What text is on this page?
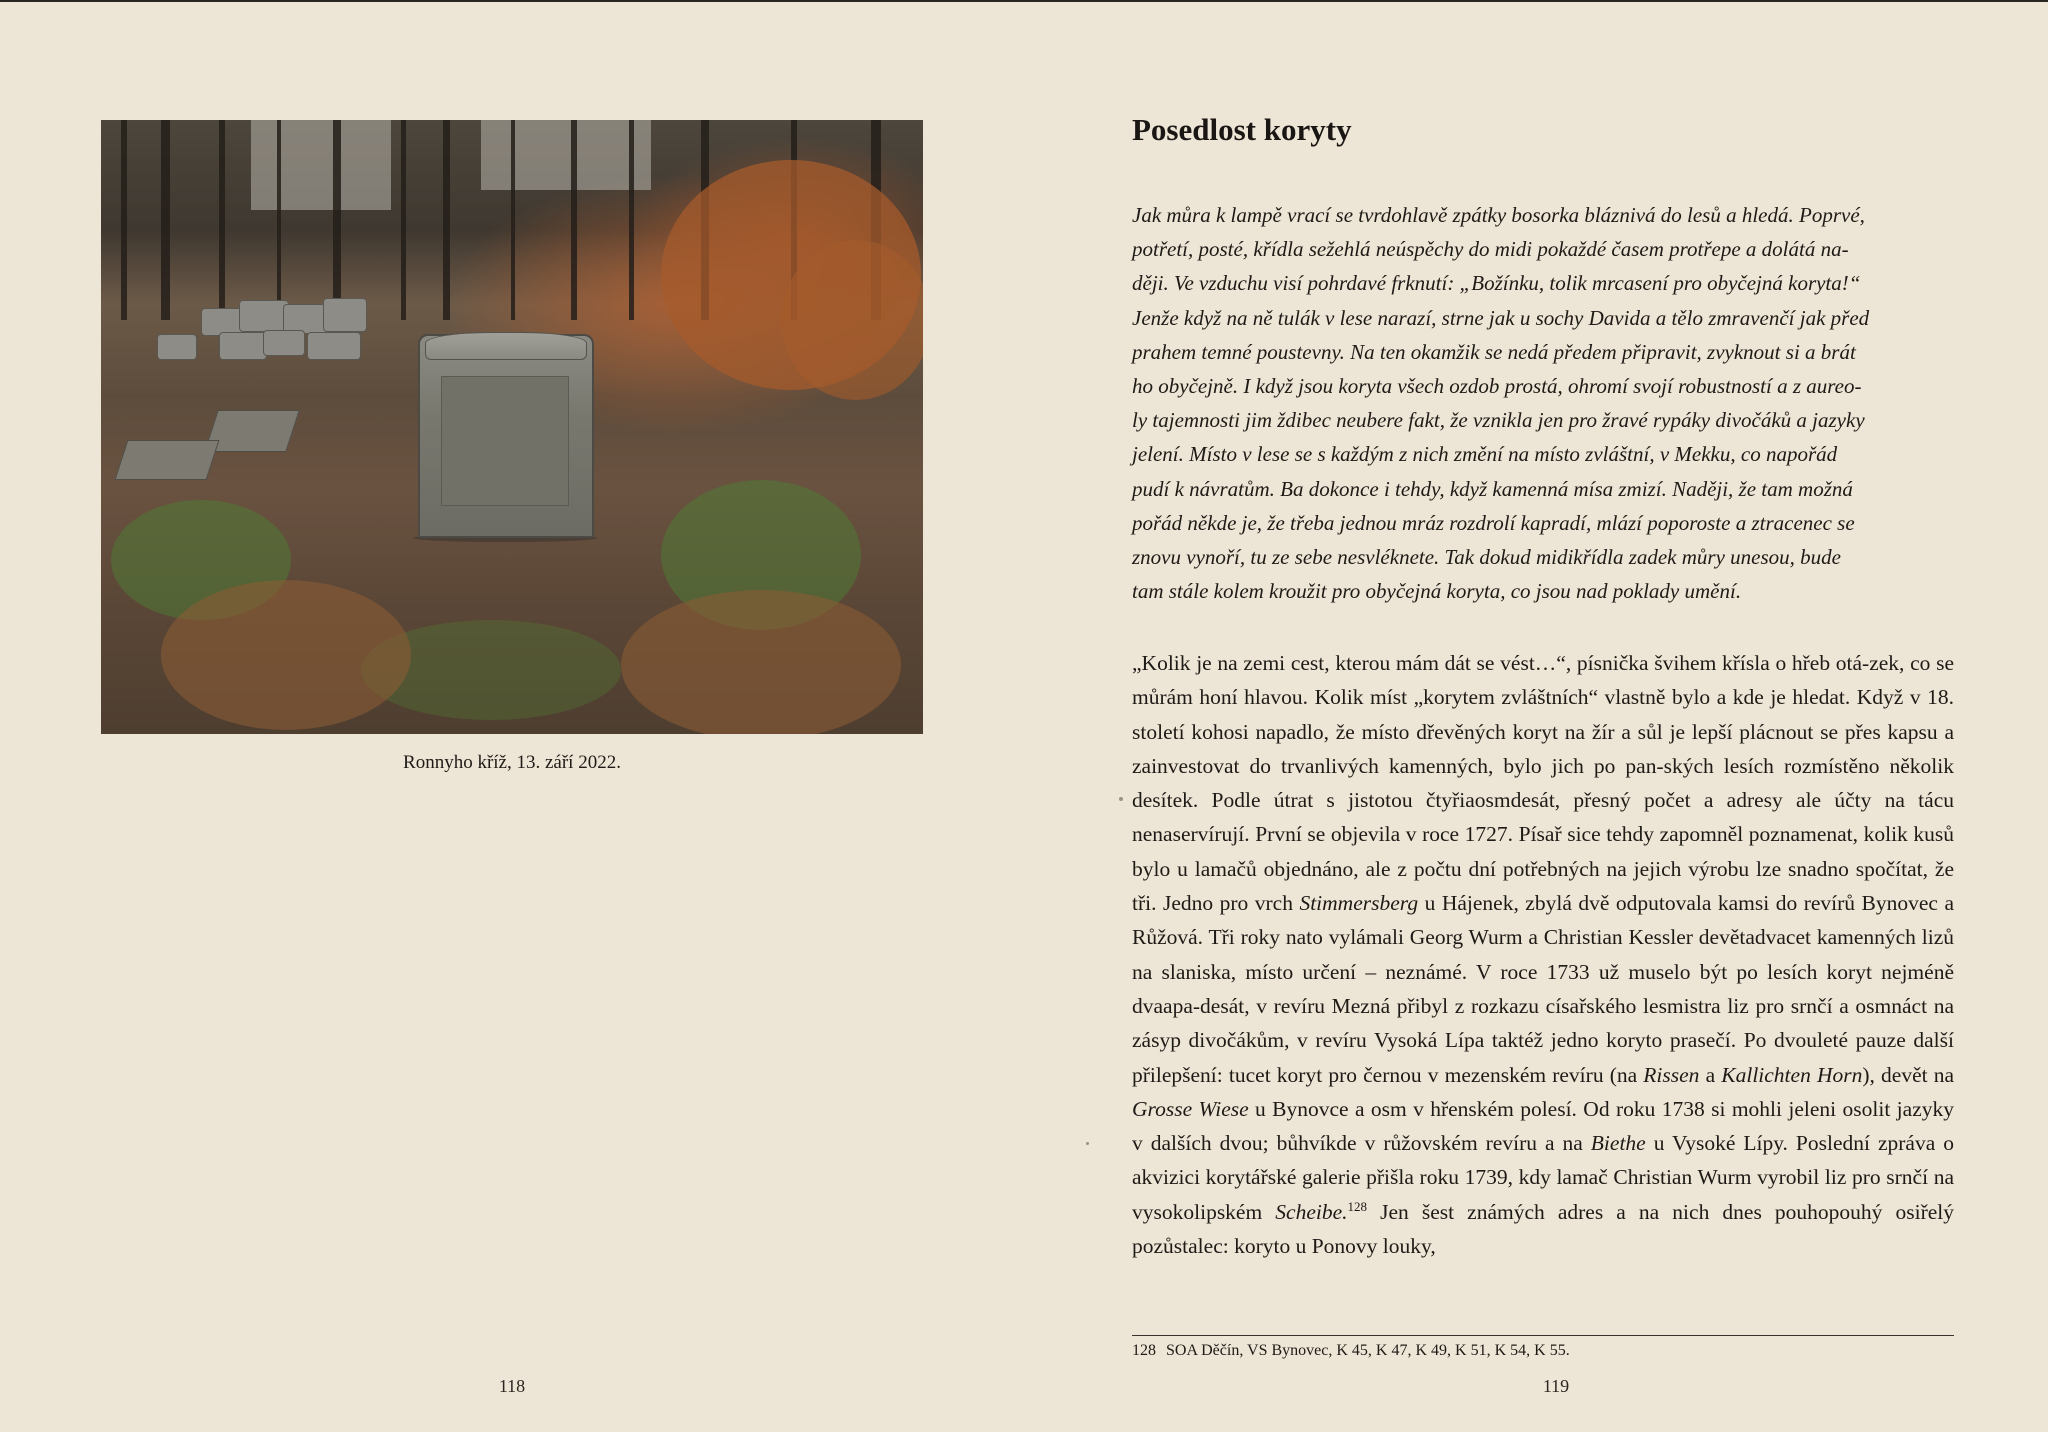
Ronnyho kříž, 13. září 2022.
118
Posedlost koryty
Jak můra k lampě vrací se tvrdohlavě zpátky bosorka bláznivá do lesů a hledá. Poprvé,
potřetí, posté, křídla sežehlá neúspěchy do midi pokaždé časem protřepe a dolátá na-
ději. Ve vzduchu visí pohrdavé frknutí: „Božínku, tolik mrcasení pro obyčejná koryta!“
Jenže když na ně tulák v lese narazí, strne jak u sochy Davida a tělo zmravenčí jak před
prahem temné poustevny. Na ten okamžik se nedá předem připravit, zvyknout si a brát
ho obyčejně. I když jsou koryta všech ozdob prostá, ohromí svojí robustností a z aureo-
ly tajemnosti jim ždibec neubere fakt, že vznikla jen pro žravé rypáky divočáků a jazyky
jelení. Místo v lese se s každým z nich změní na místo zvláštní, v Mekku, co napořád
pudí k návratům. Ba dokonce i tehdy, když kamenná mísa zmizí. Naději, že tam možná
pořád někde je, že třeba jednou mráz rozdrolí kapradí, mlází poporoste a ztracenec se
znovu vynoří, tu ze sebe nesvléknete. Tak dokud midikřídla zadek můry unesou, bude
tam stále kolem kroužit pro obyčejná koryta, co jsou nad poklady umění.

„Kolik je na zemi cest, kterou mám dát se vést…“, písnička švihem křísla o hřeb otá-zek, co se můrám honí hlavou. Kolik míst „korytem zvláštních“ vlastně bylo a kde je hledat. Když v 18. století kohosi napadlo, že místo dřevěných koryt na žír a sůl je lepší plácnout se přes kapsu a zainvestovat do trvanlivých kamenných, bylo jich po pan-ských lesích rozmístěno několik desítek. Podle útrat s jistotou čtyřiaosmdesát, přesný počet a adresy ale účty na tácu nenaservírují. První se objevila v roce 1727. Písař sice tehdy zapomněl poznamenat, kolik kusů bylo u lamačů objednáno, ale z počtu dní potřebných na jejich výrobu lze snadno spočítat, že tři. Jedno pro vrch Stimmersberg u Hájenek, zbylá dvě odputovala kamsi do revírů Bynovec a Růžová. Tři roky nato vylámali Georg Wurm a Christian Kessler devětadvacet kamenných lizů na slaniska, místo určení – neznámé. V roce 1733 už muselo být po lesích koryt nejméně dvaapa-desát, v revíru Mezná přibyl z rozkazu císařského lesmistra liz pro srnčí a osmnáct na zásyp divočákům, v revíru Vysoká Lípa taktéž jedno koryto prasečí. Po dvouleté pauze další přilepšení: tucet koryt pro černou v mezenském revíru (na Rissen a Kallichten Horn), devět na Grosse Wiese u Bynovce a osm v hřenském polesí. Od roku 1738 si mohli jeleni osolit jazyky v dalších dvou; bůhvíkde v růžovském revíru a na Biethe u Vysoké Lípy. Poslední zpráva o akvizici korytářské galerie přišla roku 1739, kdy lamač Christian Wurm vyrobil liz pro srnčí na vysokolipském Scheibe.$^{128}$ Jen šest známých adres a na nich dnes pouhopouhý osiřelý pozůstalec: koryto u Ponovy louky,

128 SOA Děčín, VS Bynovec, K 45, K 47, K 49, K 51, K 54, K 55.
119
